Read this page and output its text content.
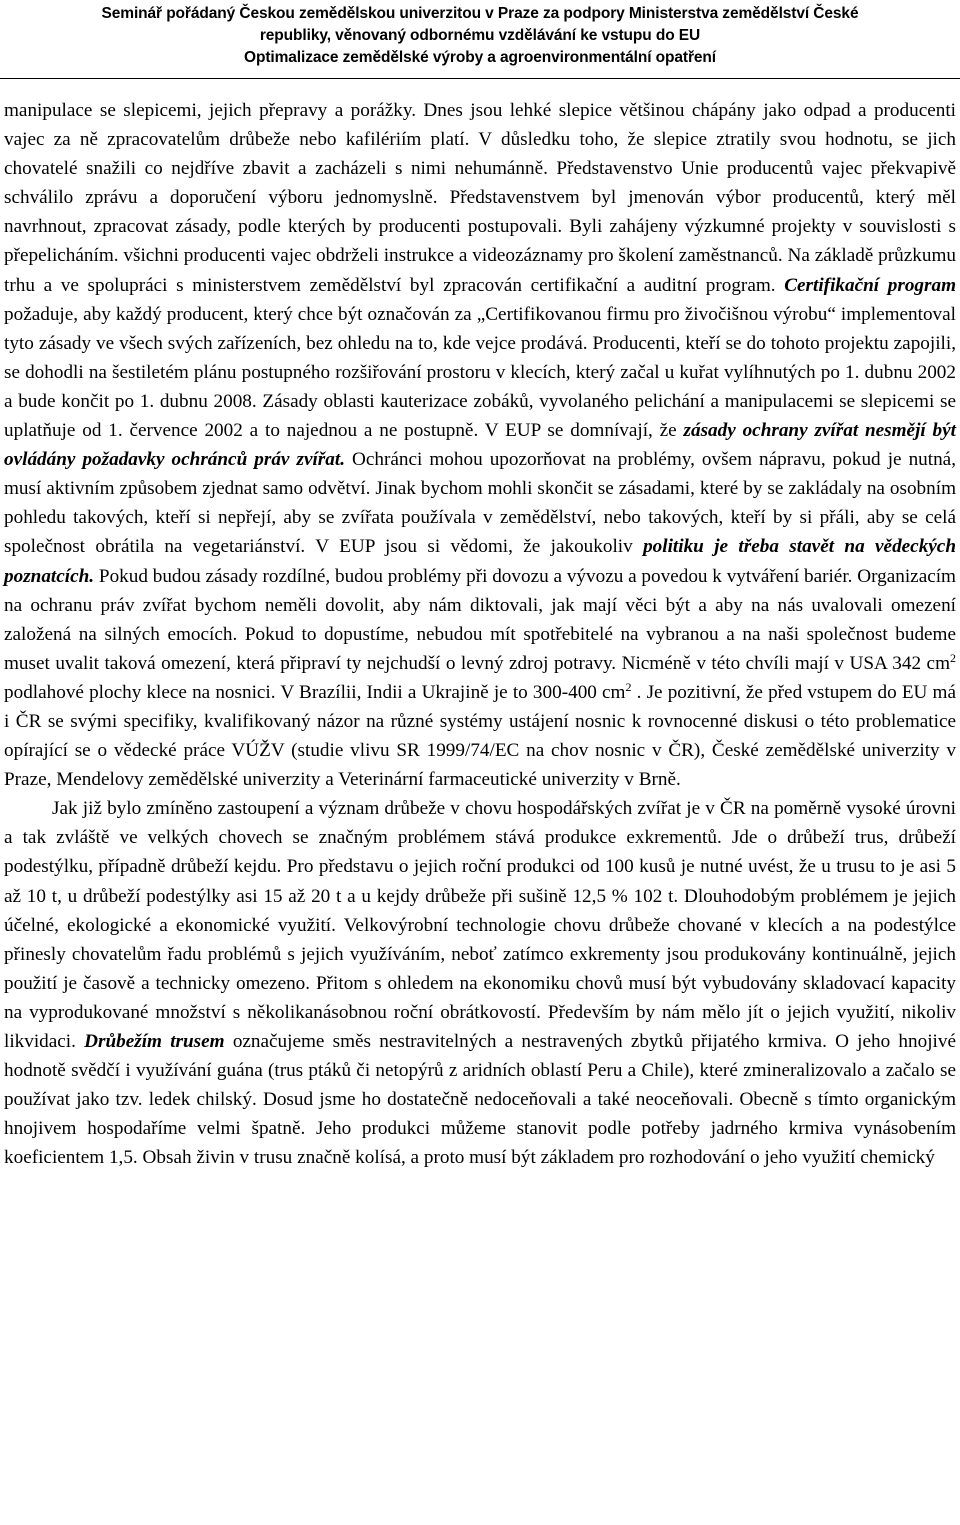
Seminář pořádaný Českou zemědělskou univerzitou v Praze za podpory Ministerstva zemědělství České
republiky, věnovaný odbornému vzdělávání ke vstupu do EU
Optimalizace zemědělské výroby a agroenvironmentální opatření

manipulace se slepicemi, jejich přepravy a porážky. Dnes jsou lehké slepice většinou chápány jako odpad a producenti vajec za ně zpracovatelům drůbeže nebo kafilériím platí. V důsledku toho, že slepice ztratily svou hodnotu, se jich chovatelé snažili co nejdříve zbavit a zacházeli s nimi nehumánně. Představenstvo Unie producentů vajec překvapivě schválilo zprávu a doporučení výboru jednomyslně. Představenstvem byl jmenován výbor producentů, který měl navrhnout, zpracovat zásady, podle kterých by producenti postupovali. Byli zahájeny výzkumné projekty v souvislosti s přepelicháním. všichni producenti vajec obdrželi instrukce a videozáznamy pro školení zaměstnanců. Na základě průzkumu trhu a ve spolupráci s ministerstvem zemědělství byl zpracován certifikační a auditní program. Certifikační program požaduje, aby každý producent, který chce být označován za „Certifikovanou firmu pro živočišnou výrobu“ implementoval tyto zásady ve všech svých zařízeních, bez ohledu na to, kde vejce prodává. Producenti, kteří se do tohoto projektu zapojili, se dohodli na šestiletém plánu postupného rozšiřování prostoru v klecích, který začal u kuřat vylíhnutých po 1. dubnu 2002 a bude končit po 1. dubnu 2008. Zásady oblasti kauterizace zobáků, vyvolaného pelichání a manipulacemi se slepicemi se uplatňuje od 1. července 2002 a to najednou a ne postupně. V EUP se domnívají, že zásady ochrany zvířat nesmějí být ovládány požadavky ochránců práv zvířat. Ochránci mohou upozorňovat na problémy, ovšem nápravu, pokud je nutná, musí aktivním způsobem zjednat samo odvětví. Jinak bychom mohli skončit se zásadami, které by se zakládaly na osobním pohledu takových, kteří si nepřejí, aby se zvířata používala v zemědělství, nebo takových, kteří by si přáli, aby se celá společnost obrátila na vegetariánství. V EUP jsou si vědomi, že jakoukoliv politiku je třeba stavět na vědeckých poznatcích. Pokud budou zásady rozdílné, budou problémy při dovozu a vývozu a povedou k vytváření bariér. Organizacím na ochranu práv zvířat bychom neměli dovolit, aby nám diktovali, jak mají věci být a aby na nás uvalovali omezení založená na silných emocích. Pokud to dopustíme, nebudou mít spotřebitelé na vybranou a na naši společnost budeme muset uvalit taková omezení, která připraví ty nejchudší o levný zdroj potravy. Nicméně v této chvíli mají v USA 342 $cm^2$ podlahové plochy klece na nosnici. V Brazílii, Indii a Ukrajině je to 300-400 $cm^2$ . Je pozitivní, že před vstupem do EU má i ČR se svými specifiky, kvalifikovaný názor na různé systémy ustájení nosnic k rovnocenné diskusi o této problematice opírající se o vědecké práce VÚŽV (studie vlivu SR 1999/74/EC na chov nosnic v ČR), České zemědělské univerzity v Praze, Mendelovy zemědělské univerzity a Veterinární farmaceutické univerzity v Brně.

Jak již bylo zmíněno zastoupení a význam drůbeže v chovu hospodářských zvířat je v ČR na poměrně vysoké úrovni a tak zvláště ve velkých chovech se značným problémem stává produkce exkrementů. Jde o drůbeží trus, drůbeží podestýlku, případně drůbeží kejdu. Pro představu o jejich roční produkci od 100 kusů je nutné uvést, že u trusu to je asi 5 až 10 t, u drůbeží podestýlky asi 15 až 20 t a u kejdy drůbeže při sušině 12,5 % 102 t. Dlouhodobým problémem je jejich účelné, ekologické a ekonomické využití. Velkovýrobní technologie chovu drůbeže chované v klecích a na podestýlce přinesly chovatelům řadu problémů s jejich využíváním, neboť zatímco exkrementy jsou produkovány kontinuálně, jejich použití je časově a technicky omezeno. Přitom s ohledem na ekonomiku chovů musí být vybudovány skladovací kapacity na vyprodukované množství s několikanásobnou roční obrátkovostí. Především by nám mělo jít o jejich využití, nikoliv likvidaci. Drůbežím trusem označujeme směs nestravitelných a nestravených zbytků přijatého krmiva. O jeho hnojivé hodnotě svědčí i využívání guána (trus ptáků či netopýrů z aridních oblastí Peru a Chile), které zmineralizovalo a začalo se používat jako tzv. ledek chilský. Dosud jsme ho dostatečně nedoceňovali a také neoceňovali. Obecně s tímto organickým hnojivem hospodaříme velmi špatně. Jeho produkci můžeme stanovit podle potřeby jadrného krmiva vynásobením koeficientem 1,5. Obsah živin v trusu značně kolísá, a proto musí být základem pro rozhodování o jeho využití chemický
